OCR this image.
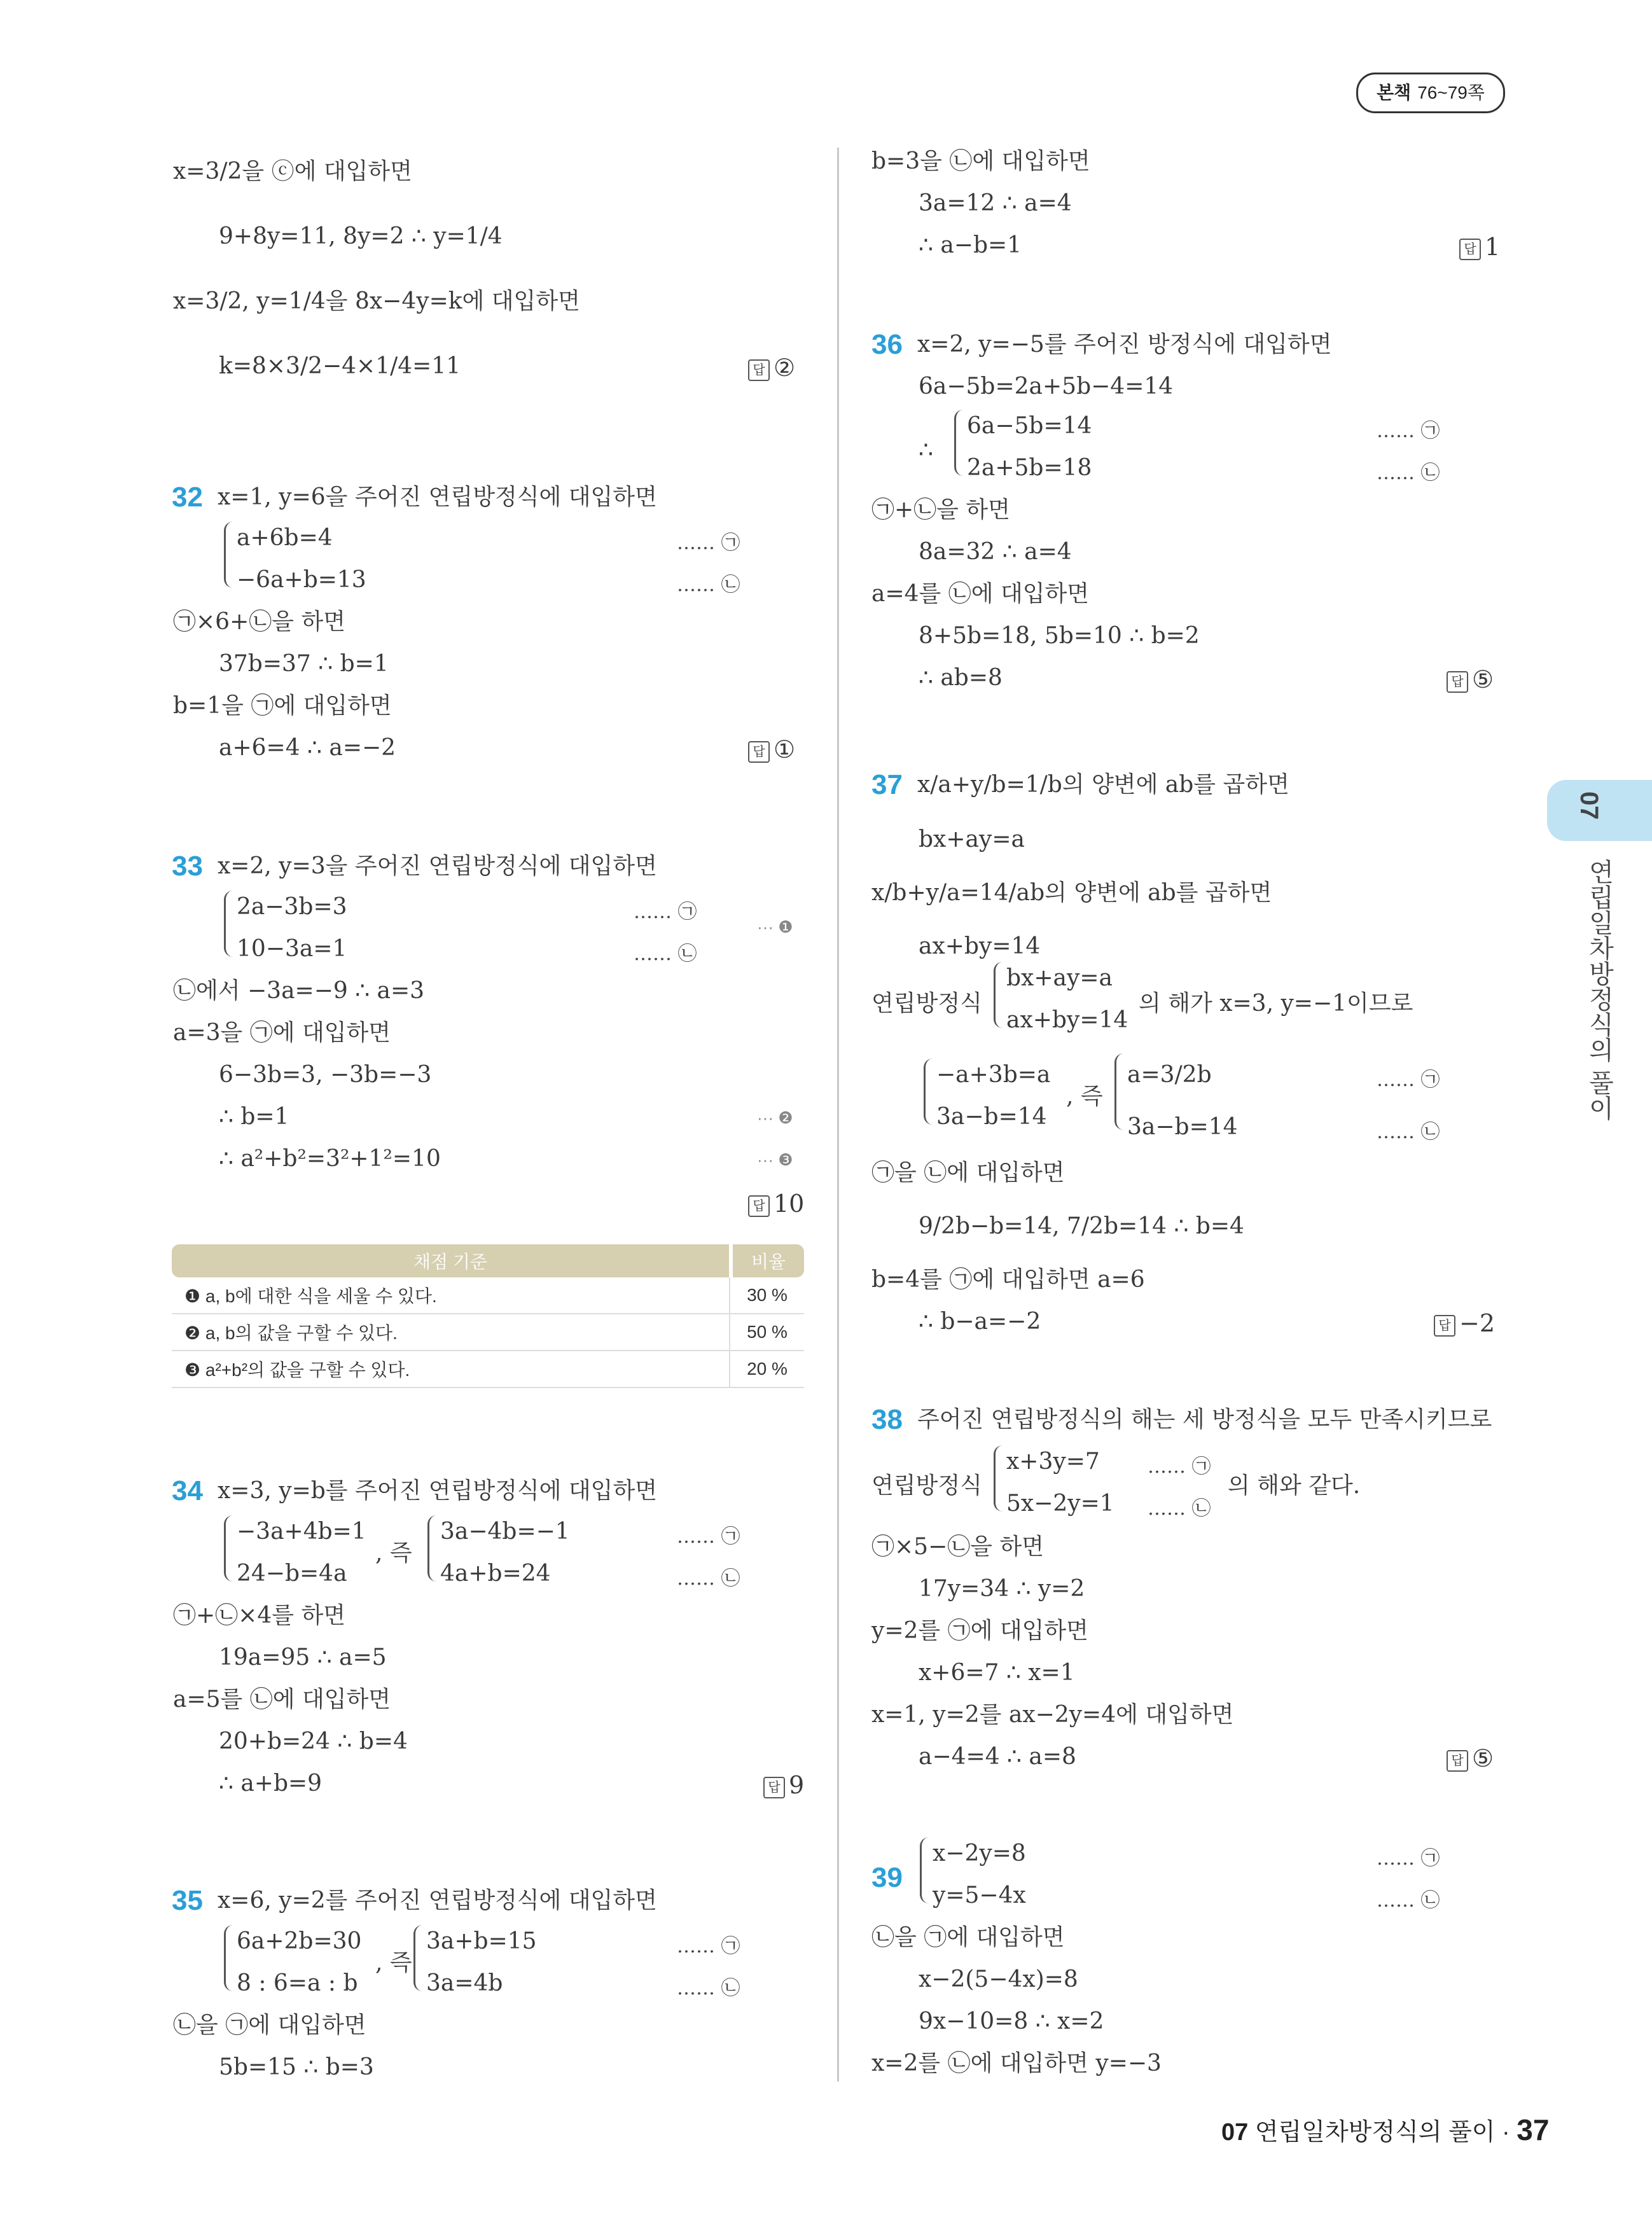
본책 76~79쪽
07
연립일차방정식의 풀이
07 연립일차방정식의 풀이 · 37
x=3/2을 ⓒ에 대입하면
9+8y=11, 8y=2 ∴ y=1/4
x=3/2, y=1/4을 8x−4y=k에 대입하면
k=8×3/2−4×1/4=11	답 ②
32 x=1, y=6을 주어진 연립방정식에 대입하면
a+6b=4
−6a+b=13
…… ㉠
…… ㉡
㉠×6+㉡을 하면
37b=37 ∴ b=1
b=1을 ㉠에 대입하면
a+6=4 ∴ a=−2	답 ①
33 x=2, y=3을 주어진 연립방정식에 대입하면
2a−3b=3
10−3a=1
…… ㉠
…… ㉡
··· ❶
㉡에서 −3a=−9 ∴ a=3
a=3을 ㉠에 대입하면
6−3b=3, −3b=−3
∴ b=1	··· ❷
∴ a²+b²=3²+1²=10	··· ❸
답 10
채점 기준	비율
❶ a, b에 대한 식을 세울 수 있다.	30 %
❷ a, b의 값을 구할 수 있다.	50 %
❸ a²+b²의 값을 구할 수 있다.	20 %
34 x=3, y=b를 주어진 연립방정식에 대입하면
−3a+4b=1
24−b=4a
, 즉
3a−4b=−1
4a+b=24
…… ㉠
…… ㉡
㉠+㉡×4를 하면
19a=95 ∴ a=5
a=5를 ㉡에 대입하면
20+b=24 ∴ b=4
∴ a+b=9	답 9
35 x=6, y=2를 주어진 연립방정식에 대입하면
6a+2b=30
8 : 6=a : b
, 즉
3a+b=15
3a=4b
…… ㉠
…… ㉡
㉡을 ㉠에 대입하면
5b=15 ∴ b=3
b=3을 ㉡에 대입하면
3a=12 ∴ a=4
∴ a−b=1	답 1
36 x=2, y=−5를 주어진 방정식에 대입하면
6a−5b=2a+5b−4=14
∴
6a−5b=14
2a+5b=18
…… ㉠
…… ㉡
㉠+㉡을 하면
8a=32 ∴ a=4
a=4를 ㉡에 대입하면
8+5b=18, 5b=10 ∴ b=2
∴ ab=8	답 ⑤
37 x/a+y/b=1/b의 양변에 ab를 곱하면
bx+ay=a
x/b+y/a=14/ab의 양변에 ab를 곱하면
ax+by=14
연립방정식
bx+ay=a
ax+by=14
의 해가 x=3, y=−1이므로
−a+3b=a
3a−b=14
, 즉
a=3/2b
3a−b=14
…… ㉠
…… ㉡
㉠을 ㉡에 대입하면
9/2b−b=14, 7/2b=14 ∴ b=4
b=4를 ㉠에 대입하면 a=6
∴ b−a=−2	답 −2
38 주어진 연립방정식의 해는 세 방정식을 모두 만족시키므로
연립방정식
x+3y=7
5x−2y=1
…… ㉠
…… ㉡
의 해와 같다.
㉠×5−㉡을 하면
17y=34 ∴ y=2
y=2를 ㉠에 대입하면
x+6=7 ∴ x=1
x=1, y=2를 ax−2y=4에 대입하면
a−4=4 ∴ a=8	답 ⑤
39
x−2y=8
y=5−4x
…… ㉠
…… ㉡
㉡을 ㉠에 대입하면
x−2(5−4x)=8
9x−10=8 ∴ x=2
x=2를 ㉡에 대입하면 y=−3
